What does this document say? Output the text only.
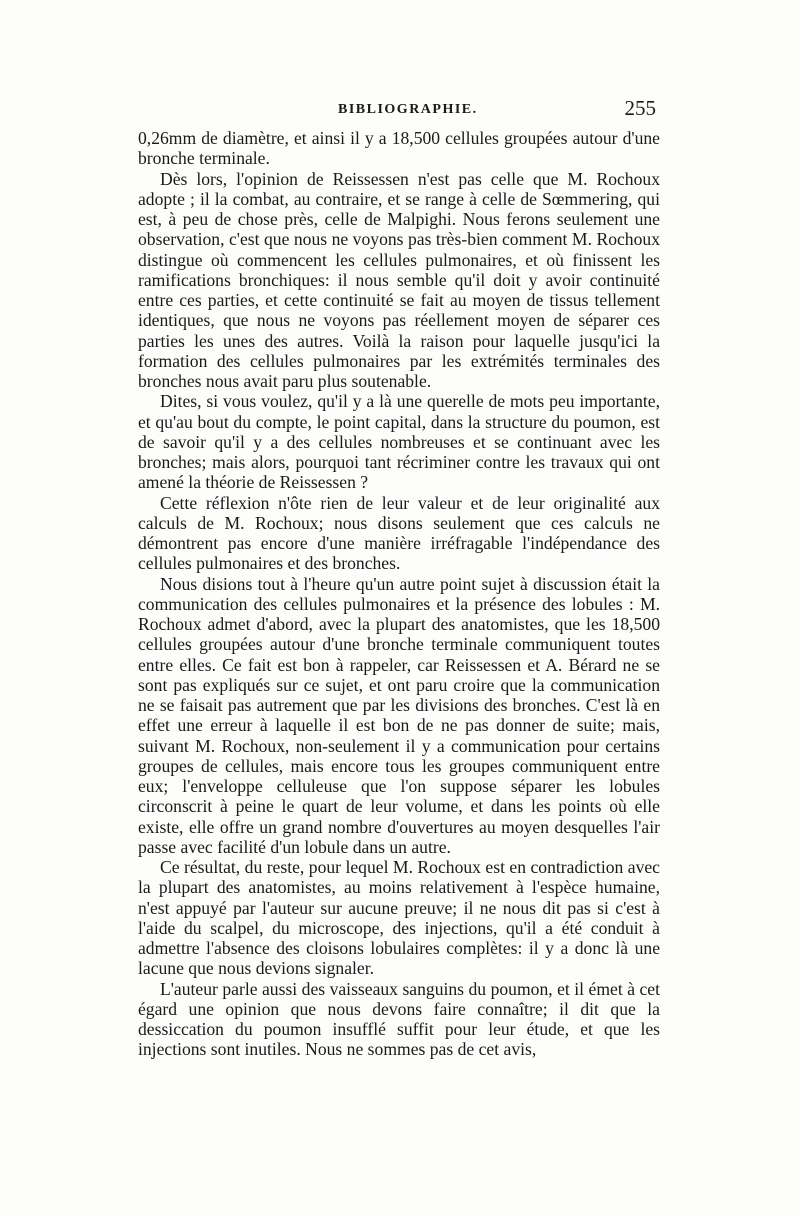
BIBLIOGRAPHIE.	255

0,26mm de diamètre, et ainsi il y a 18,500 cellules groupées autour d'une bronche terminale.

Dès lors, l'opinion de Reissessen n'est pas celle que M. Rochoux adopte ; il la combat, au contraire, et se range à celle de Sœmmering, qui est, à peu de chose près, celle de Malpighi. Nous ferons seulement une observation, c'est que nous ne voyons pas très-bien comment M. Rochoux distingue où commencent les cellules pulmonaires, et où finissent les ramifications bronchiques: il nous semble qu'il doit y avoir continuité entre ces parties, et cette continuité se fait au moyen de tissus tellement identiques, que nous ne voyons pas réellement moyen de séparer ces parties les unes des autres. Voilà la raison pour laquelle jusqu'ici la formation des cellules pulmonaires par les extrémités terminales des bronches nous avait paru plus soutenable.

Dites, si vous voulez, qu'il y a là une querelle de mots peu importante, et qu'au bout du compte, le point capital, dans la structure du poumon, est de savoir qu'il y a des cellules nombreuses et se continuant avec les bronches; mais alors, pourquoi tant récriminer contre les travaux qui ont amené la théorie de Reissessen ?

Cette réflexion n'ôte rien de leur valeur et de leur originalité aux calculs de M. Rochoux; nous disons seulement que ces calculs ne démontrent pas encore d'une manière irréfragable l'indépendance des cellules pulmonaires et des bronches.

Nous disions tout à l'heure qu'un autre point sujet à discussion était la communication des cellules pulmonaires et la présence des lobules : M. Rochoux admet d'abord, avec la plupart des anatomistes, que les 18,500 cellules groupées autour d'une bronche terminale communiquent toutes entre elles. Ce fait est bon à rappeler, car Reissessen et A. Bérard ne se sont pas expliqués sur ce sujet, et ont paru croire que la communication ne se faisait pas autrement que par les divisions des bronches. C'est là en effet une erreur à laquelle il est bon de ne pas donner de suite; mais, suivant M. Rochoux, non-seulement il y a communication pour certains groupes de cellules, mais encore tous les groupes communiquent entre eux; l'enveloppe celluleuse que l'on suppose séparer les lobules circonscrit à peine le quart de leur volume, et dans les points où elle existe, elle offre un grand nombre d'ouvertures au moyen desquelles l'air passe avec facilité d'un lobule dans un autre.

Ce résultat, du reste, pour lequel M. Rochoux est en contradiction avec la plupart des anatomistes, au moins relativement à l'espèce humaine, n'est appuyé par l'auteur sur aucune preuve; il ne nous dit pas si c'est à l'aide du scalpel, du microscope, des injections, qu'il a été conduit à admettre l'absence des cloisons lobulaires complètes: il y a donc là une lacune que nous devions signaler.

L'auteur parle aussi des vaisseaux sanguins du poumon, et il émet à cet égard une opinion que nous devons faire connaître; il dit que la dessiccation du poumon insufflé suffit pour leur étude, et que les injections sont inutiles. Nous ne sommes pas de cet avis,
